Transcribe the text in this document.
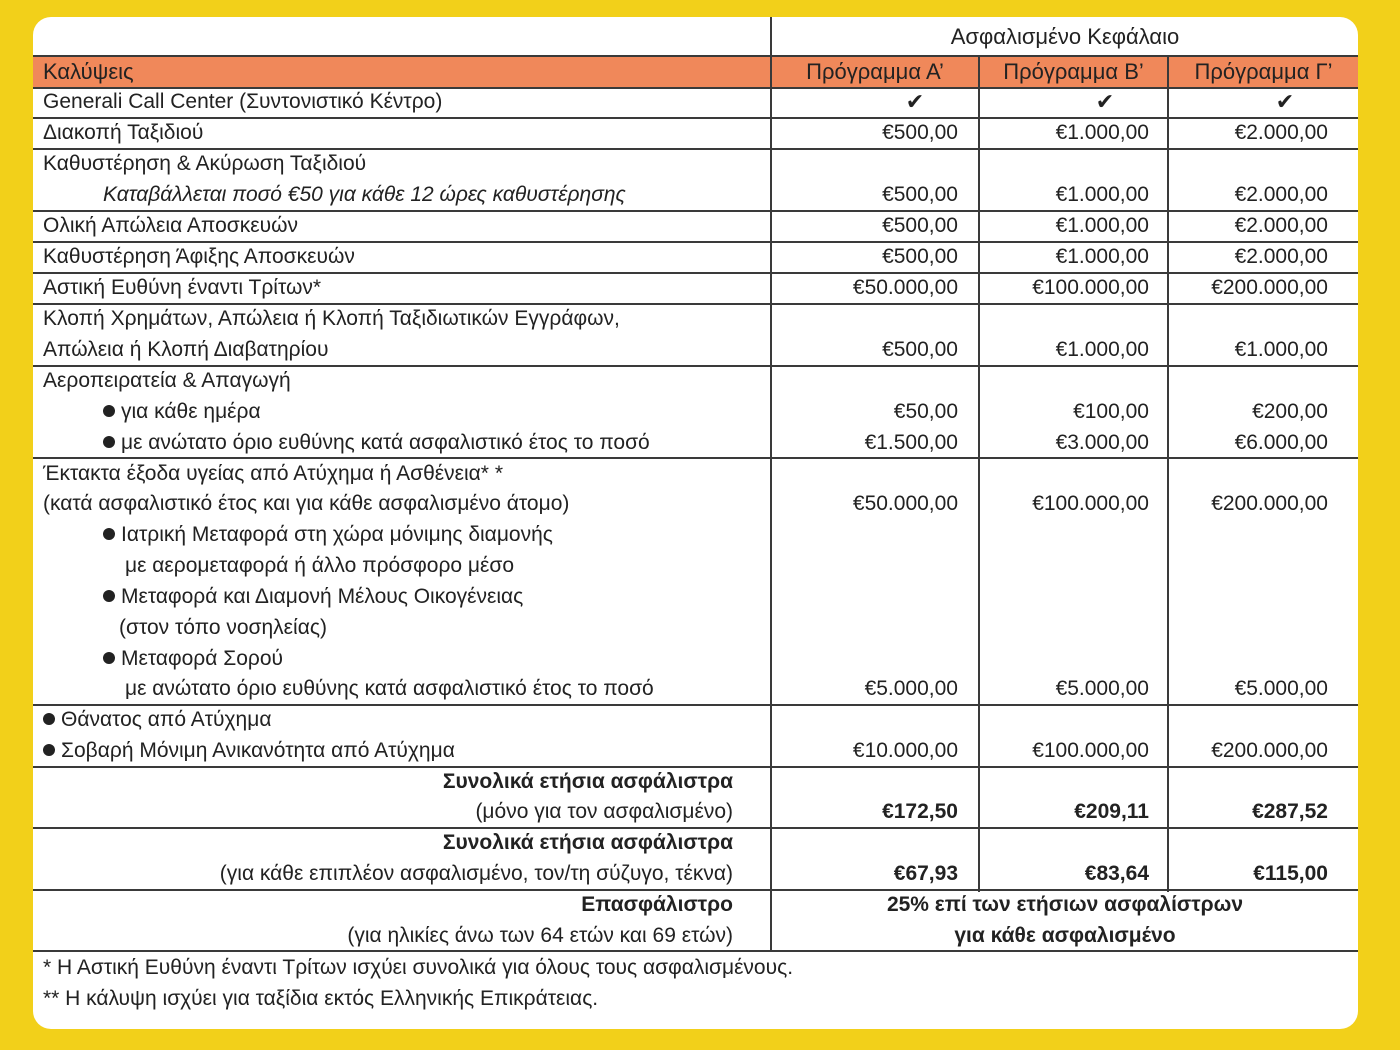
Ασφαλισμένο Κεφάλαιο
Καλύψεις	Πρόγραμμα Α’	Πρόγραμμα Β’	Πρόγραμμα Γ’
Generali Call Center (Συντονιστικό Κέντρο)	✔	✔	✔
Διακοπή Ταξιδιού	€500,00	€1.000,00	€2.000,00
Καθυστέρηση & Ακύρωση Ταξιδιού
Καταβάλλεται ποσό €50 για κάθε 12 ώρες καθυστέρησης	€500,00	€1.000,00	€2.000,00
Ολική Απώλεια Αποσκευών	€500,00	€1.000,00	€2.000,00
Καθυστέρηση Άφιξης Αποσκευών	€500,00	€1.000,00	€2.000,00
Αστική Ευθύνη έναντι Τρίτων*	€50.000,00	€100.000,00	€200.000,00
Κλοπή Χρημάτων, Απώλεια ή Κλοπή Ταξιδιωτικών Εγγράφων,
Απώλεια ή Κλοπή Διαβατηρίου	€500,00	€1.000,00	€1.000,00
Αεροπειρατεία & Απαγωγή
για κάθε ημέρα	€50,00	€100,00	€200,00
με ανώτατο όριο ευθύνης κατά ασφαλιστικό έτος το ποσό	€1.500,00	€3.000,00	€6.000,00
Έκτακτα έξοδα υγείας από Ατύχημα ή Ασθένεια* *
(κατά ασφαλιστικό έτος και για κάθε ασφαλισμένο άτομο)	€50.000,00	€100.000,00	€200.000,00
Ιατρική Μεταφορά στη χώρα μόνιμης διαμονής
με αερομεταφορά ή άλλο πρόσφορο μέσο
Μεταφορά και Διαμονή Μέλους Οικογένειας
(στον τόπο νοσηλείας)
Μεταφορά Σορού
με ανώτατο όριο ευθύνης κατά ασφαλιστικό έτος το ποσό	€5.000,00	€5.000,00	€5.000,00
Θάνατος από Ατύχημα
Σοβαρή Μόνιμη Ανικανότητα από Ατύχημα	€10.000,00	€100.000,00	€200.000,00
Συνολικά ετήσια ασφάλιστρα
(μόνο για τον ασφαλισμένο)	€172,50	€209,11	€287,52
Συνολικά ετήσια ασφάλιστρα
(για κάθε επιπλέον ασφαλισμένο, τον/τη σύζυγο, τέκνα)	€67,93	€83,64	€115,00
Επασφάλιστρο
(για ηλικίες άνω των 64 ετών και 69 ετών)
25% επί των ετήσιων ασφαλίστρων
για κάθε ασφαλισμένο
* Η Αστική Ευθύνη έναντι Τρίτων ισχύει συνολικά για όλους τους ασφαλισμένους.
** Η κάλυψη ισχύει για ταξίδια εκτός Ελληνικής Επικράτειας.
